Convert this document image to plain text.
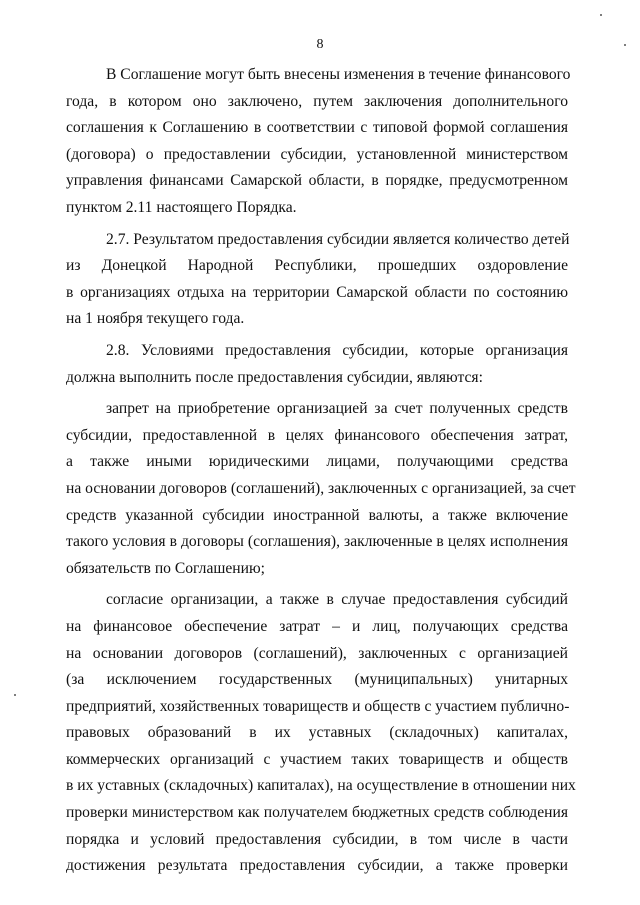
8
В Соглашение могут быть внесены изменения в течение финансового
года, в котором оно заключено, путем заключения дополнительного
соглашения к Соглашению в соответствии с типовой формой соглашения
(договора) о предоставлении субсидии, установленной министерством
управления финансами Самарской области, в порядке, предусмотренном
пунктом 2.11 настоящего Порядка.
2.7. Результатом предоставления субсидии является количество детей
из Донецкой Народной Республики, прошедших оздоровление
в организациях отдыха на территории Самарской области по состоянию
на 1 ноября текущего года.
2.8. Условиями предоставления субсидии, которые организация
должна выполнить после предоставления субсидии, являются:
запрет на приобретение организацией за счет полученных средств
субсидии, предоставленной в целях финансового обеспечения затрат,
а также иными юридическими лицами, получающими средства
на основании договоров (соглашений), заключенных с организацией, за счет
средств указанной субсидии иностранной валюты, а также включение
такого условия в договоры (соглашения), заключенные в целях исполнения
обязательств по Соглашению;
согласие организации, а также в случае предоставления субсидий
на финансовое обеспечение затрат – и лиц, получающих средства
на основании договоров (соглашений), заключенных с организацией
(за исключением государственных (муниципальных) унитарных
предприятий, хозяйственных товариществ и обществ с участием публично-
правовых образований в их уставных (складочных) капиталах,
коммерческих организаций с участием таких товариществ и обществ
в их уставных (складочных) капиталах), на осуществление в отношении них
проверки министерством как получателем бюджетных средств соблюдения
порядка и условий предоставления субсидии, в том числе в части
достижения результата предоставления субсидии, а также проверки
